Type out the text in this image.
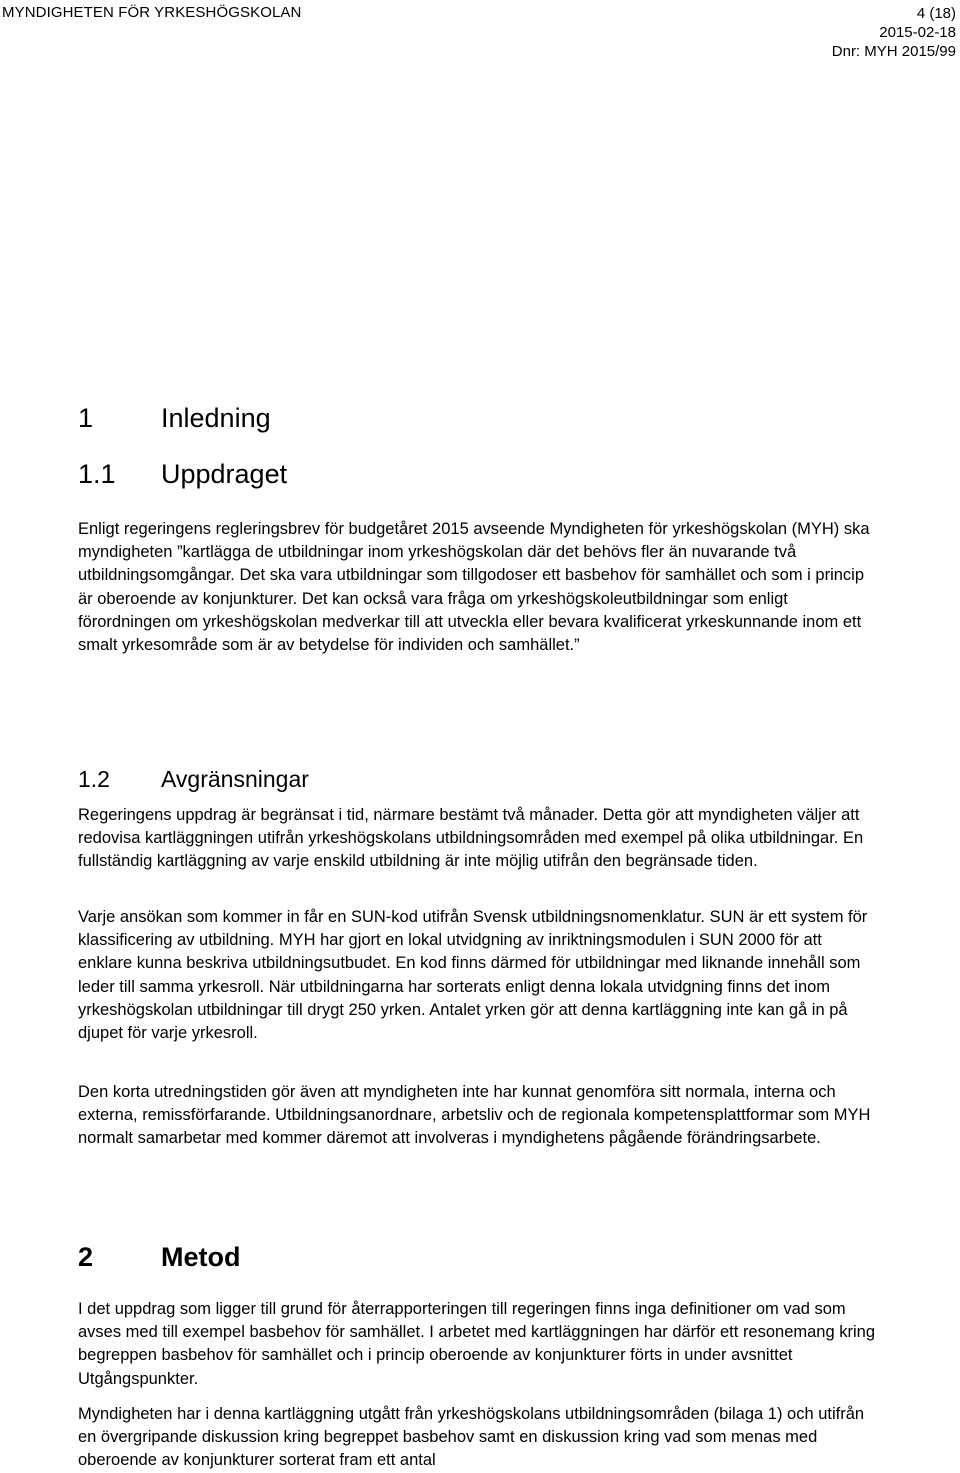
MYNDIGHETEN FÖR YRKESHÖGSKOLAN	4 (18)
2015-02-18
Dnr: MYH 2015/99
1	Inledning
1.1 Uppdraget

Enligt regeringens regleringsbrev för budgetåret 2015 avseende Myndigheten för yrkeshögskolan (MYH) ska myndigheten ”kartlägga de utbildningar inom yrkeshögskolan där det behövs fler än nuvarande två utbildningsomgångar. Det ska vara utbildningar som tillgodoser ett basbehov för samhället och som i princip är oberoende av konjunkturer. Det kan också vara fråga om yrkeshögskoleutbildningar som enligt förordningen om yrkeshögskolan medverkar till att utveckla eller bevara kvalificerat yrkeskunnande inom ett smalt yrkesområde som är av betydelse för individen och samhället.”

1.2 Avgränsningar

Regeringens uppdrag är begränsat i tid, närmare bestämt två månader. Detta gör att myndigheten väljer att redovisa kartläggningen utifrån yrkeshögskolans utbildningsområden med exempel på olika utbildningar. En fullständig kartläggning av varje enskild utbildning är inte möjlig utifrån den begränsade tiden.

Varje ansökan som kommer in får en SUN-kod utifrån Svensk utbildningsnomenklatur. SUN är ett system för klassificering av utbildning. MYH har gjort en lokal utvidgning av inriktningsmodulen i SUN 2000 för att enklare kunna beskriva utbildningsutbudet. En kod finns därmed för utbildningar med liknande innehåll som leder till samma yrkesroll. När utbildningarna har sorterats enligt denna lokala utvidgning finns det inom yrkeshögskolan utbildningar till drygt 250 yrken. Antalet yrken gör att denna kartläggning inte kan gå in på djupet för varje yrkesroll.

Den korta utredningstiden gör även att myndigheten inte har kunnat genomföra sitt normala, interna och externa, remissförfarande. Utbildningsanordnare, arbetsliv och de regionala kompetensplattformar som MYH normalt samarbetar med kommer däremot att involveras i myndighetens pågående förändringsarbete.

2	Metod

I det uppdrag som ligger till grund för återrapporteringen till regeringen finns inga definitioner om vad som avses med till exempel basbehov för samhället. I arbetet med kartläggningen har därför ett resonemang kring begreppen basbehov för samhället och i princip oberoende av konjunkturer förts in under avsnittet Utgångspunkter.

Myndigheten har i denna kartläggning utgått från yrkeshögskolans utbildningsområden (bilaga 1) och utifrån en övergripande diskussion kring begreppet basbehov samt en diskussion kring vad som menas med oberoende av konjunkturer sorterat fram ett antal
